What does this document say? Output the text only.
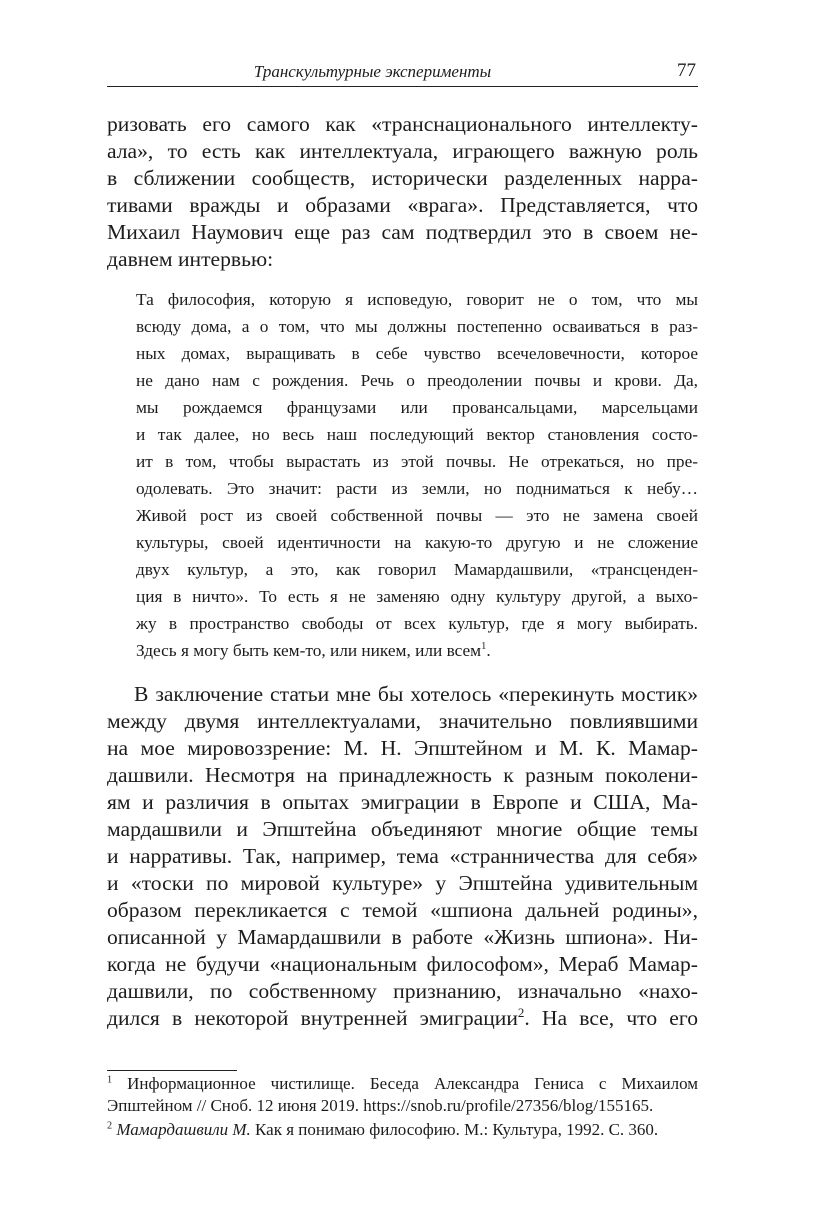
Транскультурные эксперименты	77
ризовать его самого как «транснационального интеллекту-
ала», то есть как интеллектуала, играющего важную роль
в сближении сообществ, исторически разделенных нарра-
тивами вражды и образами «врага». Представляется, что
Михаил Наумович еще раз сам подтвердил это в своем не-
давнем интервью:
Та философия, которую я исповедую, говорит не о том, что мы
всюду дома, а о том, что мы должны постепенно осваиваться в раз-
ных домах, выращивать в себе чувство всечеловечности, которое
не дано нам с рождения. Речь о преодолении почвы и крови. Да,
мы рождаемся французами или провансальцами, марсельцами
и так далее, но весь наш последующий вектор становления состо-
ит в том, чтобы вырастать из этой почвы. Не отрекаться, но пре-
одолевать. Это значит: расти из земли, но подниматься к небу…
Живой рост из своей собственной почвы — это не замена своей
культуры, своей идентичности на какую-то другую и не сложение
двух культур, а это, как говорил Мамардашвили, «трансценден-
ция в ничто». То есть я не заменяю одну культуру другой, а выхо-
жу в пространство свободы от всех культур, где я могу выбирать.
Здесь я могу быть кем-то, или никем, или всем$^1$.
В заключение статьи мне бы хотелось «перекинуть мостик»
между двумя интеллектуалами, значительно повлиявшими
на мое мировоззрение: М. Н. Эпштейном и М. К. Мамар-
дашвили. Несмотря на принадлежность к разным поколени-
ям и различия в опытах эмиграции в Европе и США, Ма-
мардашвили и Эпштейна объединяют многие общие темы
и нарративы. Так, например, тема «странничества для себя»
и «тоски по мировой культуре» у Эпштейна удивительным
образом перекликается с темой «шпиона дальней родины»,
описанной у Мамардашвили в работе «Жизнь шпиона». Ни-
когда не будучи «национальным философом», Мераб Мамар-
дашвили, по собственному признанию, изначально «нахо-
дился в некоторой внутренней эмиграции$^2$. На все, что его
$^1$ Информационное чистилище. Беседа Александра Гениса с Михаилом
Эпштейном // Сноб. 12 июня 2019. https://snob.ru/profile/27356/blog/155165.
$^2$ Мамардашвили М. Как я понимаю философию. М.: Культура, 1992. С. 360.
